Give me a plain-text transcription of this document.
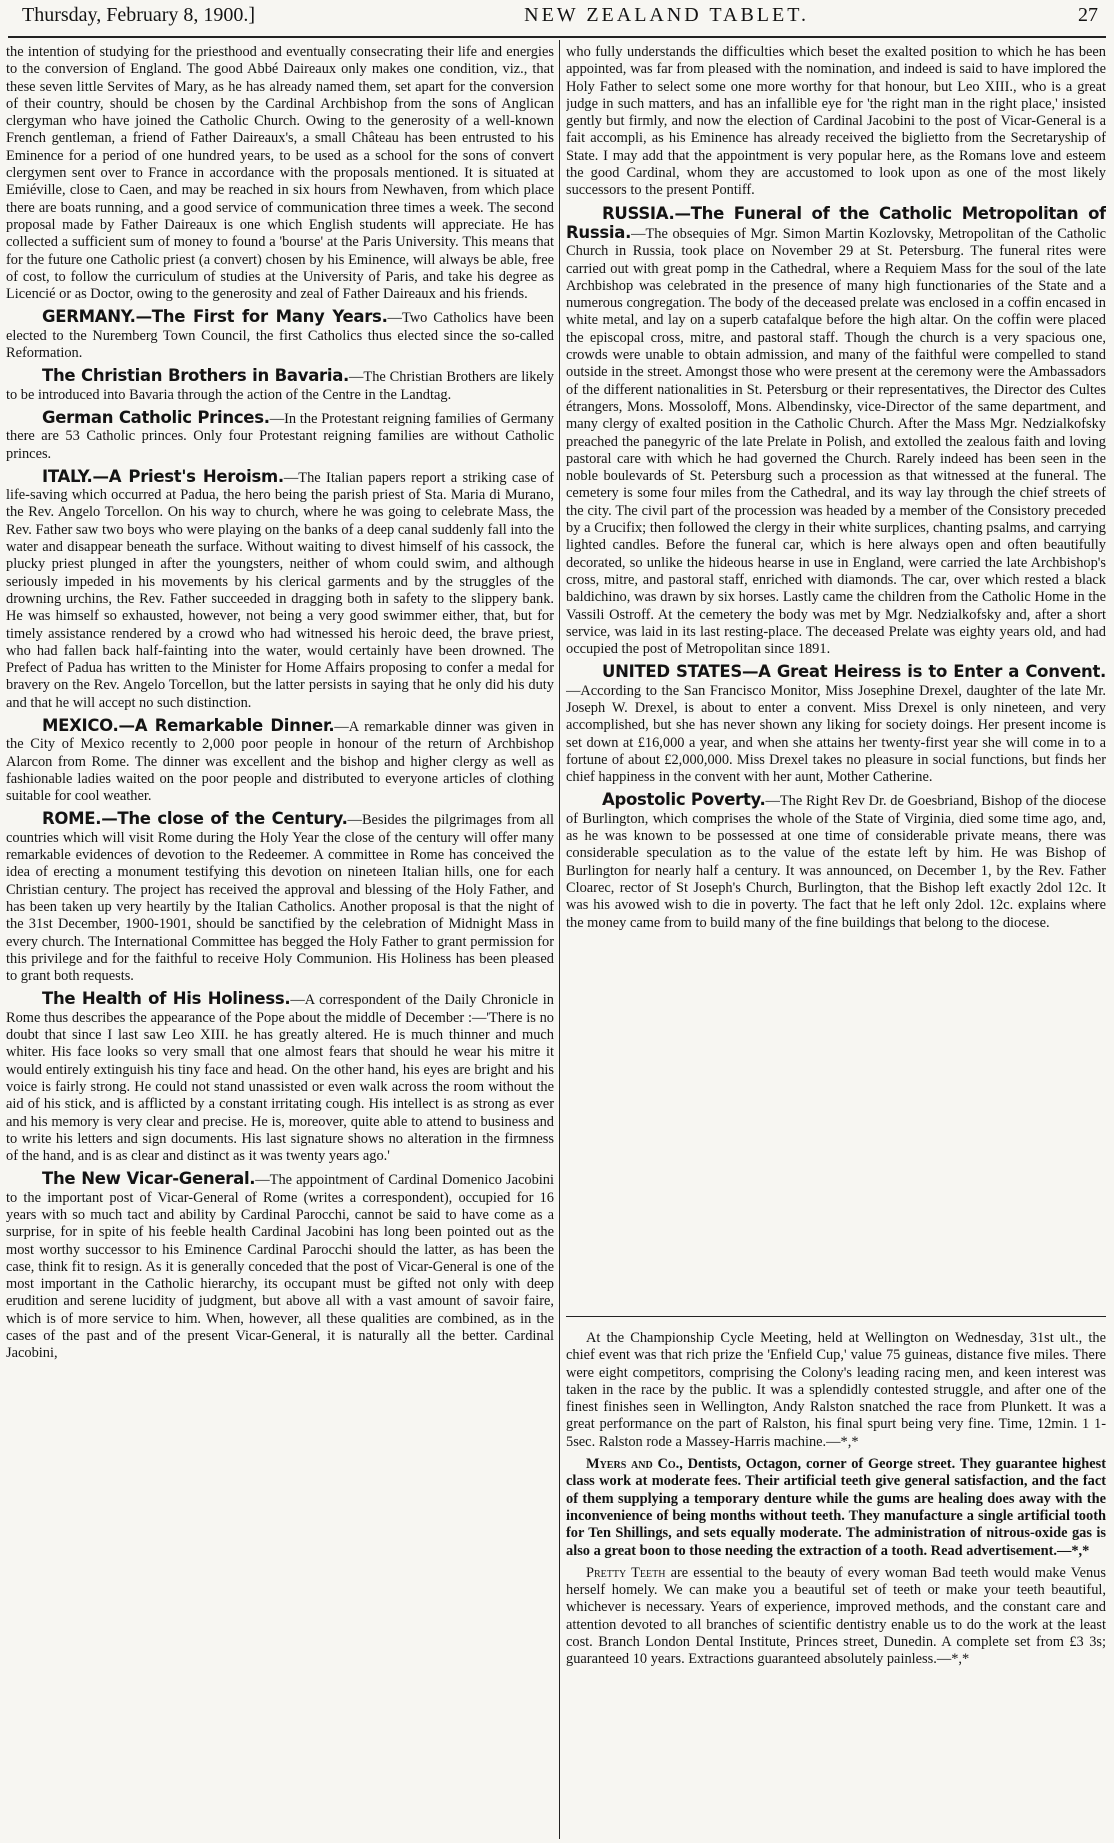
Thursday, February 8, 1900.]	NEW ZEALAND TABLET.	27

the intention of studying for the priesthood and eventually consecrating their life and energies to the conversion of England. The good Abbé Daireaux only makes one condition, viz., that these seven little Servites of Mary, as he has already named them, set apart for the conversion of their country, should be chosen by the Cardinal Archbishop from the sons of Anglican clergyman who have joined the Catholic Church. Owing to the generosity of a well-known French gentleman, a friend of Father Daireaux's, a small Château has been entrusted to his Eminence for a period of one hundred years, to be used as a school for the sons of convert clergymen sent over to France in accordance with the proposals mentioned. It is situated at Emiéville, close to Caen, and may be reached in six hours from Newhaven, from which place there are boats running, and a good service of communication three times a week. The second proposal made by Father Daireaux is one which English students will appreciate. He has collected a sufficient sum of money to found a 'bourse' at the Paris University. This means that for the future one Catholic priest (a convert) chosen by his Eminence, will always be able, free of cost, to follow the curriculum of studies at the University of Paris, and take his degree as Licencié or as Doctor, owing to the generosity and zeal of Father Daireaux and his friends.

GERMANY.—The First for Many Years.—Two Catholics have been elected to the Nuremberg Town Council, the first Catholics thus elected since the so-called Reformation.

The Christian Brothers in Bavaria.—The Christian Brothers are likely to be introduced into Bavaria through the action of the Centre in the Landtag.

German Catholic Princes.—In the Protestant reigning families of Germany there are 53 Catholic princes. Only four Protestant reigning families are without Catholic princes.

ITALY.—A Priest's Heroism.—The Italian papers report a striking case of life-saving which occurred at Padua, the hero being the parish priest of Sta. Maria di Murano, the Rev. Angelo Torcellon. On his way to church, where he was going to celebrate Mass, the Rev. Father saw two boys who were playing on the banks of a deep canal suddenly fall into the water and disappear beneath the surface. Without waiting to divest himself of his cassock, the plucky priest plunged in after the youngsters, neither of whom could swim, and although seriously impeded in his movements by his clerical garments and by the struggles of the drowning urchins, the Rev. Father succeeded in dragging both in safety to the slippery bank. He was himself so exhausted, however, not being a very good swimmer either, that, but for timely assistance rendered by a crowd who had witnessed his heroic deed, the brave priest, who had fallen back half-fainting into the water, would certainly have been drowned. The Prefect of Padua has written to the Minister for Home Affairs proposing to confer a medal for bravery on the Rev. Angelo Torcellon, but the latter persists in saying that he only did his duty and that he will accept no such distinction.

MEXICO.—A Remarkable Dinner.—A remarkable dinner was given in the City of Mexico recently to 2,000 poor people in honour of the return of Archbishop Alarcon from Rome. The dinner was excellent and the bishop and higher clergy as well as fashionable ladies waited on the poor people and distributed to everyone articles of clothing suitable for cool weather.

ROME.—The close of the Century.—Besides the pilgrimages from all countries which will visit Rome during the Holy Year the close of the century will offer many remarkable evidences of devotion to the Redeemer. A committee in Rome has conceived the idea of erecting a monument testifying this devotion on nineteen Italian hills, one for each Christian century. The project has received the approval and blessing of the Holy Father, and has been taken up very heartily by the Italian Catholics. Another proposal is that the night of the 31st December, 1900-1901, should be sanctified by the celebration of Midnight Mass in every church. The International Committee has begged the Holy Father to grant permission for this privilege and for the faithful to receive Holy Communion. His Holiness has been pleased to grant both requests.

The Health of His Holiness.—A correspondent of the Daily Chronicle in Rome thus describes the appearance of the Pope about the middle of December :—'There is no doubt that since I last saw Leo XIII. he has greatly altered. He is much thinner and much whiter. His face looks so very small that one almost fears that should he wear his mitre it would entirely extinguish his tiny face and head. On the other hand, his eyes are bright and his voice is fairly strong. He could not stand unassisted or even walk across the room without the aid of his stick, and is afflicted by a constant irritating cough. His intellect is as strong as ever and his memory is very clear and precise. He is, moreover, quite able to attend to business and to write his letters and sign documents. His last signature shows no alteration in the firmness of the hand, and is as clear and distinct as it was twenty years ago.'

The New Vicar-General.—The appointment of Cardinal Domenico Jacobini to the important post of Vicar-General of Rome (writes a correspondent), occupied for 16 years with so much tact and ability by Cardinal Parocchi, cannot be said to have come as a surprise, for in spite of his feeble health Cardinal Jacobini has long been pointed out as the most worthy successor to his Eminence Cardinal Parocchi should the latter, as has been the case, think fit to resign. As it is generally conceded that the post of Vicar-General is one of the most important in the Catholic hierarchy, its occupant must be gifted not only with deep erudition and serene lucidity of judgment, but above all with a vast amount of savoir faire, which is of more service to him. When, however, all these qualities are combined, as in the cases of the past and of the present Vicar-General, it is naturally all the better. Cardinal Jacobini,

who fully understands the difficulties which beset the exalted position to which he has been appointed, was far from pleased with the nomination, and indeed is said to have implored the Holy Father to select some one more worthy for that honour, but Leo XIII., who is a great judge in such matters, and has an infallible eye for 'the right man in the right place,' insisted gently but firmly, and now the election of Cardinal Jacobini to the post of Vicar-General is a fait accompli, as his Eminence has already received the biglietto from the Secretaryship of State. I may add that the appointment is very popular here, as the Romans love and esteem the good Cardinal, whom they are accustomed to look upon as one of the most likely successors to the present Pontiff.

RUSSIA.—The Funeral of the Catholic Metropolitan of Russia.—The obsequies of Mgr. Simon Martin Kozlovsky, Metropolitan of the Catholic Church in Russia, took place on November 29 at St. Petersburg. The funeral rites were carried out with great pomp in the Cathedral, where a Requiem Mass for the soul of the late Archbishop was celebrated in the presence of many high functionaries of the State and a numerous congregation. The body of the deceased prelate was enclosed in a coffin encased in white metal, and lay on a superb catafalque before the high altar. On the coffin were placed the episcopal cross, mitre, and pastoral staff. Though the church is a very spacious one, crowds were unable to obtain admission, and many of the faithful were compelled to stand outside in the street. Amongst those who were present at the ceremony were the Ambassadors of the different nationalities in St. Petersburg or their representatives, the Director des Cultes étrangers, Mons. Mossoloff, Mons. Albendinsky, vice-Director of the same department, and many clergy of exalted position in the Catholic Church. After the Mass Mgr. Nedzialkofsky preached the panegyric of the late Prelate in Polish, and extolled the zealous faith and loving pastoral care with which he had governed the Church. Rarely indeed has been seen in the noble boulevards of St. Petersburg such a procession as that witnessed at the funeral. The cemetery is some four miles from the Cathedral, and its way lay through the chief streets of the city. The civil part of the procession was headed by a member of the Consistory preceded by a Crucifix; then followed the clergy in their white surplices, chanting psalms, and carrying lighted candles. Before the funeral car, which is here always open and often beautifully decorated, so unlike the hideous hearse in use in England, were carried the late Archbishop's cross, mitre, and pastoral staff, enriched with diamonds. The car, over which rested a black baldichino, was drawn by six horses. Lastly came the children from the Catholic Home in the Vassili Ostroff. At the cemetery the body was met by Mgr. Nedzialkofsky and, after a short service, was laid in its last resting-place. The deceased Prelate was eighty years old, and had occupied the post of Metropolitan since 1891.

UNITED STATES—A Great Heiress is to Enter a Convent.—According to the San Francisco Monitor, Miss Josephine Drexel, daughter of the late Mr. Joseph W. Drexel, is about to enter a convent. Miss Drexel is only nineteen, and very accomplished, but she has never shown any liking for society doings. Her present income is set down at £16,000 a year, and when she attains her twenty-first year she will come in to a fortune of about £2,000,000. Miss Drexel takes no pleasure in social functions, but finds her chief happiness in the convent with her aunt, Mother Catherine.

Apostolic Poverty.—The Right Rev Dr. de Goesbriand, Bishop of the diocese of Burlington, which comprises the whole of the State of Virginia, died some time ago, and, as he was known to be possessed at one time of considerable private means, there was considerable speculation as to the value of the estate left by him. He was Bishop of Burlington for nearly half a century. It was announced, on December 1, by the Rev. Father Cloarec, rector of St Joseph's Church, Burlington, that the Bishop left exactly 2dol 12c. It was his avowed wish to die in poverty. The fact that he left only 2dol. 12c. explains where the money came from to build many of the fine buildings that belong to the diocese.

At the Championship Cycle Meeting, held at Wellington on Wednesday, 31st ult., the chief event was that rich prize the 'Enfield Cup,' value 75 guineas, distance five miles. There were eight competitors, comprising the Colony's leading racing men, and keen interest was taken in the race by the public. It was a splendidly contested struggle, and after one of the finest finishes seen in Wellington, Andy Ralston snatched the race from Plunkett. It was a great performance on the part of Ralston, his final spurt being very fine. Time, 12min. 1 1-5sec. Ralston rode a Massey-Harris machine.—*,*

Myers and Co., Dentists, Octagon, corner of George street. They guarantee highest class work at moderate fees. Their artificial teeth give general satisfaction, and the fact of them supplying a temporary denture while the gums are healing does away with the inconvenience of being months without teeth. They manufacture a single artificial tooth for Ten Shillings, and sets equally moderate. The administration of nitrous-oxide gas is also a great boon to those needing the extraction of a tooth. Read advertisement.—*,*

Pretty Teeth are essential to the beauty of every woman Bad teeth would make Venus herself homely. We can make you a beautiful set of teeth or make your teeth beautiful, whichever is necessary. Years of experience, improved methods, and the constant care and attention devoted to all branches of scientific dentistry enable us to do the work at the least cost. Branch London Dental Institute, Princes street, Dunedin. A complete set from £3 3s; guaranteed 10 years. Extractions guaranteed absolutely painless.—*,*
